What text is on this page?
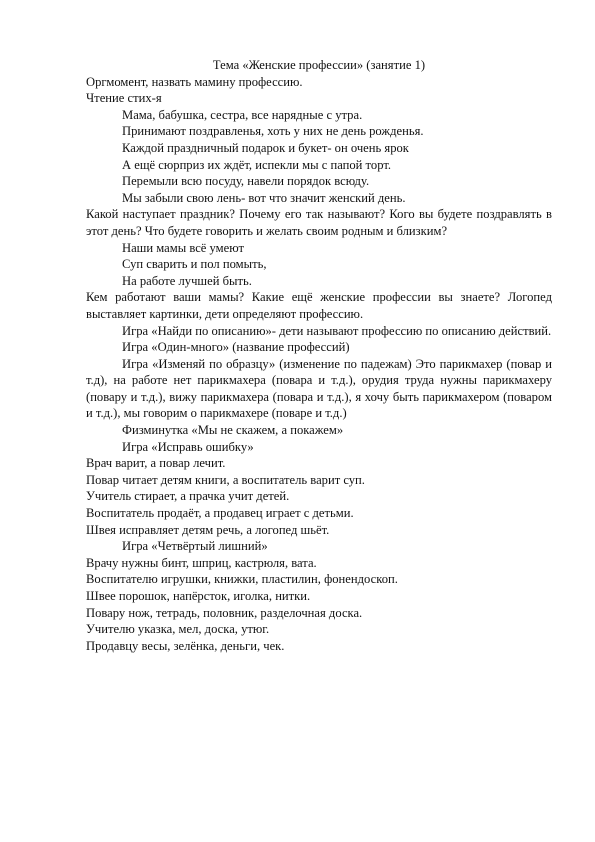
Тема «Женские профессии» (занятие 1)
Оргмомент, назвать мамину профессию.
Чтение стих-я
Мама, бабушка, сестра, все нарядные с утра.
Принимают поздравленья, хоть у них не день рожденья.
Каждой праздничный подарок и букет- он очень ярок
А ещё сюрприз их ждёт, испекли мы с папой торт.
Перемыли всю посуду, навели порядок всюду.
Мы забыли свою лень- вот что значит женский день.
Какой наступает праздник? Почему его так называют? Кого вы будете поздравлять в этот день? Что будете говорить и желать своим родным и близким?
Наши мамы всё умеют
Суп сварить и пол помыть,
На работе лучшей быть.
Кем работают ваши мамы? Какие ещё женские профессии вы знаете? Логопед выставляет картинки, дети определяют профессию.
Игра «Найди по описанию»- дети называют профессию по описанию действий.
Игра «Один-много» (название профессий)
Игра «Изменяй по образцу» (изменение по падежам) Это парикмахер (повар и т.д), на работе нет парикмахера (повара и т.д.), орудия труда нужны парикмахеру (повару и т.д.), вижу парикмахера (повара и т.д.), я хочу быть парикмахером (поваром и т.д.), мы говорим о парикмахере (поваре и т.д.)
Физминутка «Мы не скажем, а покажем»
Игра «Исправь ошибку»
Врач варит, а повар лечит.
Повар читает детям книги, а воспитатель варит суп.
Учитель стирает, а прачка учит детей.
Воспитатель продаёт, а продавец играет с детьми.
Швея исправляет детям речь, а логопед шьёт.
Игра «Четвёртый лишний»
Врачу нужны бинт, шприц, кастрюля, вата.
Воспитателю игрушки, книжки, пластилин, фонендоскоп.
Швее порошок, напёрсток, иголка, нитки.
Повару нож, тетрадь, половник, разделочная доска.
Учителю указка, мел, доска, утюг.
Продавцу весы, зелёнка, деньги, чек.
